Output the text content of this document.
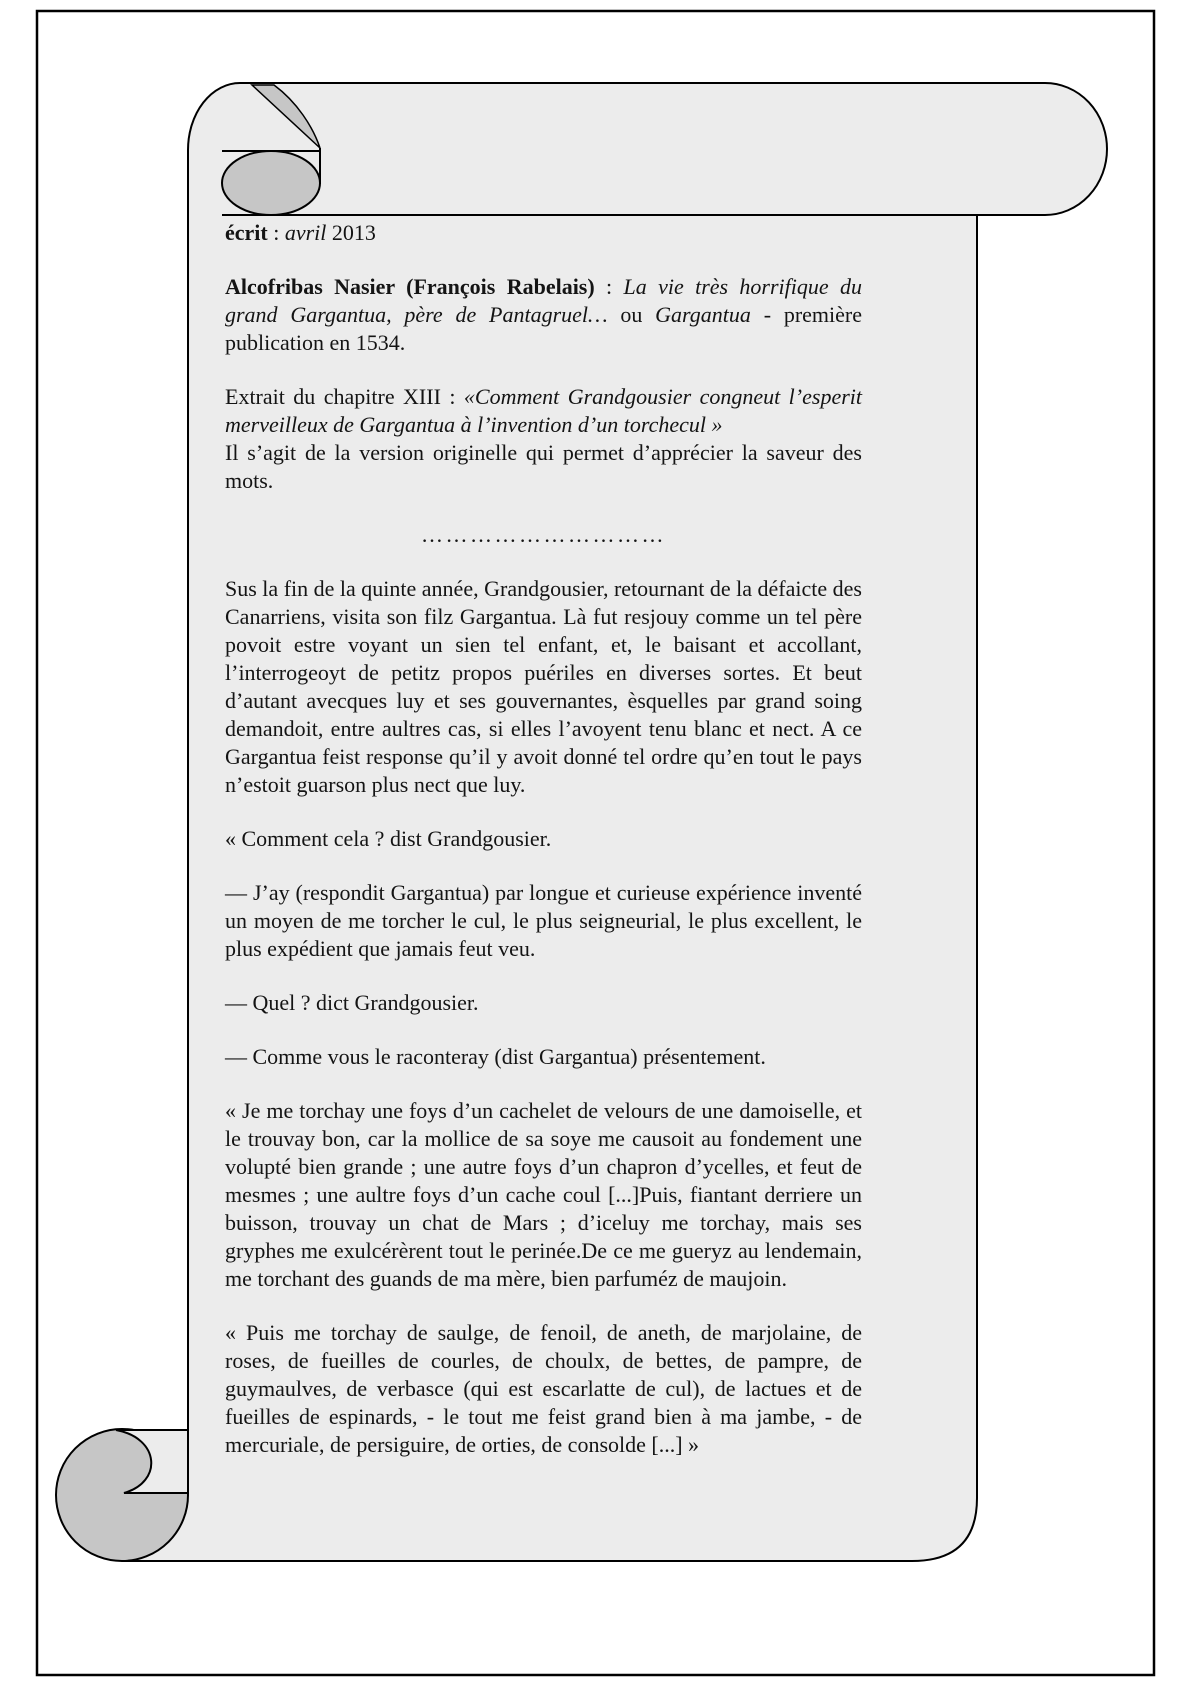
écrit : avril 2013

Alcofribas Nasier (François Rabelais) : La vie très horrifique du grand Gargantua, père de Pantagruel… ou Gargantua - première publication en 1534.

Extrait du chapitre XIII : «Comment Grandgousier congneut l’esperit merveilleux de Gargantua à l’invention d’un torchecul »
Il s’agit de la version originelle qui permet d’apprécier la saveur des mots.

…………………………

Sus la fin de la quinte année, Grandgousier, retournant de la défaicte des Canarriens, visita son filz Gargantua. Là fut resjouy comme un tel père povoit estre voyant un sien tel enfant, et, le baisant et accollant, l’interrogeoyt de petitz propos puériles en diverses sortes. Et beut d’autant avecques luy et ses gouvernantes, èsquelles par grand soing demandoit, entre aultres cas, si elles l’avoyent tenu blanc et nect. A ce Gargantua feist response qu’il y avoit donné tel ordre qu’en tout le pays n’estoit guarson plus nect que luy.

« Comment cela ? dist Grandgousier.

— J’ay (respondit Gargantua) par longue et curieuse expérience inventé un moyen de me torcher le cul, le plus seigneurial, le plus excellent, le plus expédient que jamais feut veu.

— Quel ? dict Grandgousier.

— Comme vous le raconteray (dist Gargantua) présentement.

« Je me torchay une foys d’un cachelet de velours de une damoiselle, et le trouvay bon, car la mollice de sa soye me causoit au fondement une volupté bien grande ; une autre foys d’un chapron d’ycelles, et feut de mesmes ; une aultre foys d’un cache coul [...]Puis, fiantant derriere un buisson, trouvay un chat de Mars ; d’iceluy me torchay, mais ses gryphes me exulcérèrent tout le perinée.De ce me gueryz au lendemain, me torchant des guands de ma mère, bien parfuméz de maujoin.

« Puis me torchay de saulge, de fenoil, de aneth, de marjolaine, de roses, de fueilles de courles, de choulx, de bettes, de pampre, de guymaulves, de verbasce (qui est escarlatte de cul), de lactues et de fueilles de espinards, - le tout me feist grand bien à ma jambe, - de mercuriale, de persiguire, de orties, de consolde [...] »
